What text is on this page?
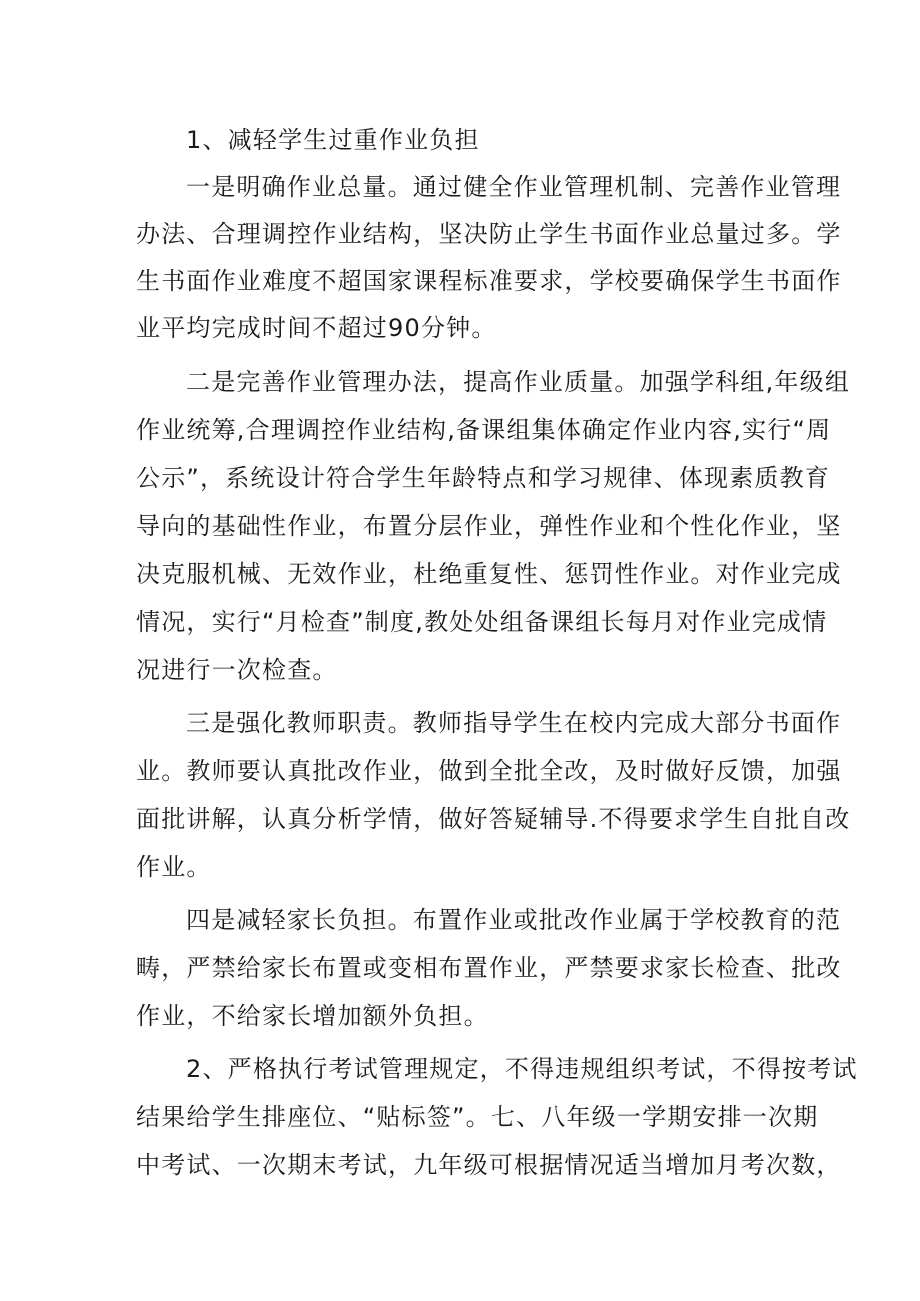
1、减轻学生过重作业负担
一是明确作业总量。通过健全作业管理机制、完善作业管理
办法、合理调控作业结构，坚决防止学生书面作业总量过多。学
生书面作业难度不超国家课程标准要求，学校要确保学生书面作
业平均完成时间不超过90分钟。
二是完善作业管理办法，提高作业质量。加强学科组,年级组
作业统筹,合理调控作业结构,备课组集体确定作业内容,实行“周
公示”，系统设计符合学生年龄特点和学习规律、体现素质教育
导向的基础性作业，布置分层作业，弹性作业和个性化作业，坚
决克服机械、无效作业，杜绝重复性、惩罚性作业。对作业完成
情况，实行“月检查”制度,教处处组备课组长每月对作业完成情
况进行一次检查。
三是强化教师职责。教师指导学生在校内完成大部分书面作
业。教师要认真批改作业，做到全批全改，及时做好反馈，加强
面批讲解，认真分析学情，做好答疑辅导.不得要求学生自批自改
作业。
四是减轻家长负担。布置作业或批改作业属于学校教育的范
畴，严禁给家长布置或变相布置作业，严禁要求家长检查、批改
作业，不给家长增加额外负担。
2、严格执行考试管理规定，不得违规组织考试，不得按考试
结果给学生排座位、“贴标签”。七、八年级一学期安排一次期
中考试、一次期末考试，九年级可根据情况适当增加月考次数，
